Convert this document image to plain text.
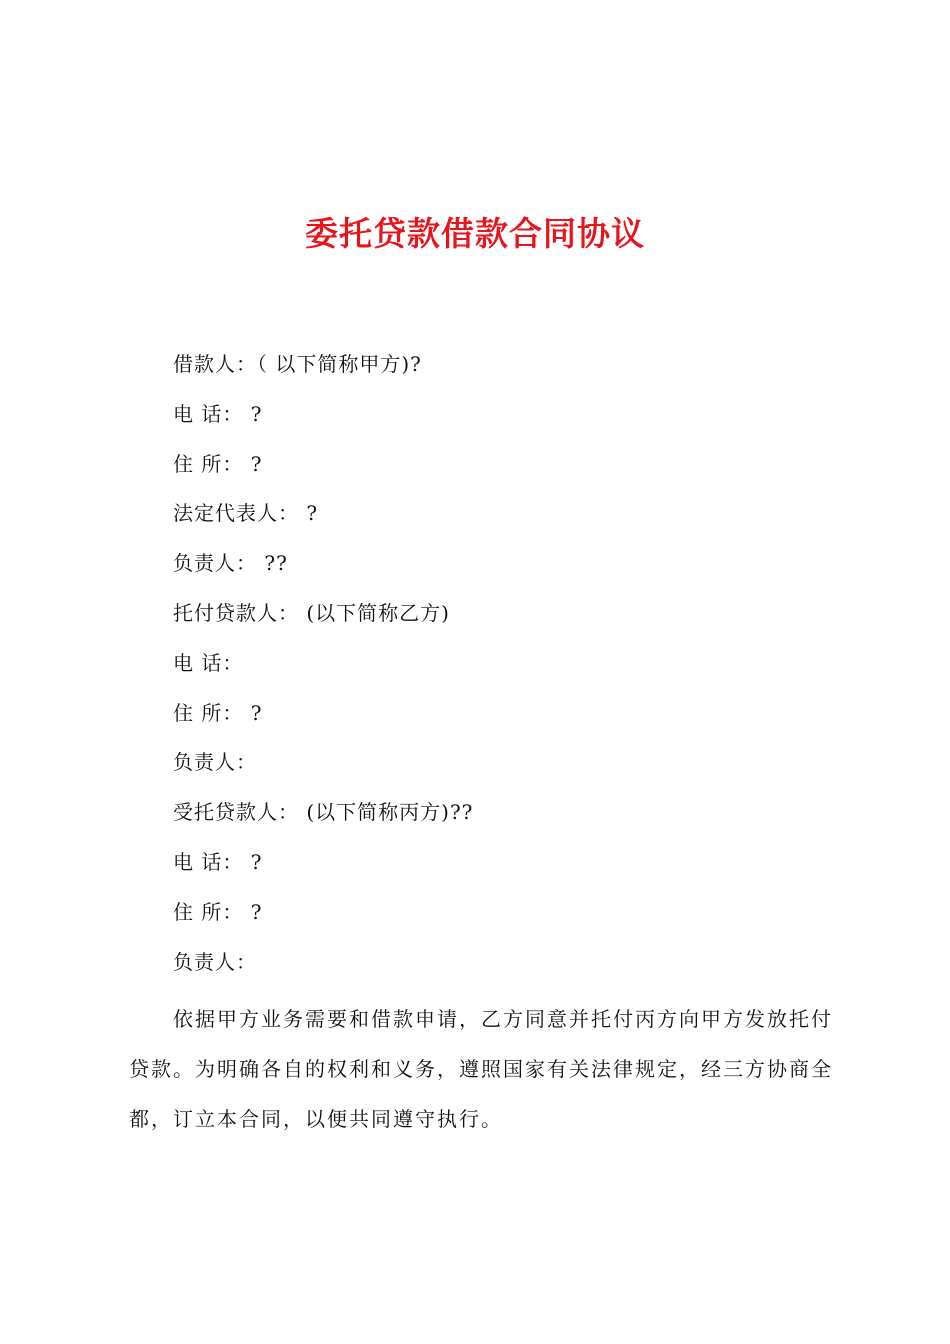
委托贷款借款合同协议
借款人：（ 以下简称甲方)?
电 话： ?
住 所： ?
法定代表人： ?
负责人： ??
托付贷款人： (以下简称乙方)
电 话：
住 所： ?
负责人：
受托贷款人： (以下简称丙方)??
电 话： ?
住 所： ?
负责人：
依据甲方业务需要和借款申请，乙方同意并托付丙方向甲方发放托付贷款。为明确各自的权利和义务，遵照国家有关法律规定，经三方协商全都，订立本合同，以便共同遵守执行。
